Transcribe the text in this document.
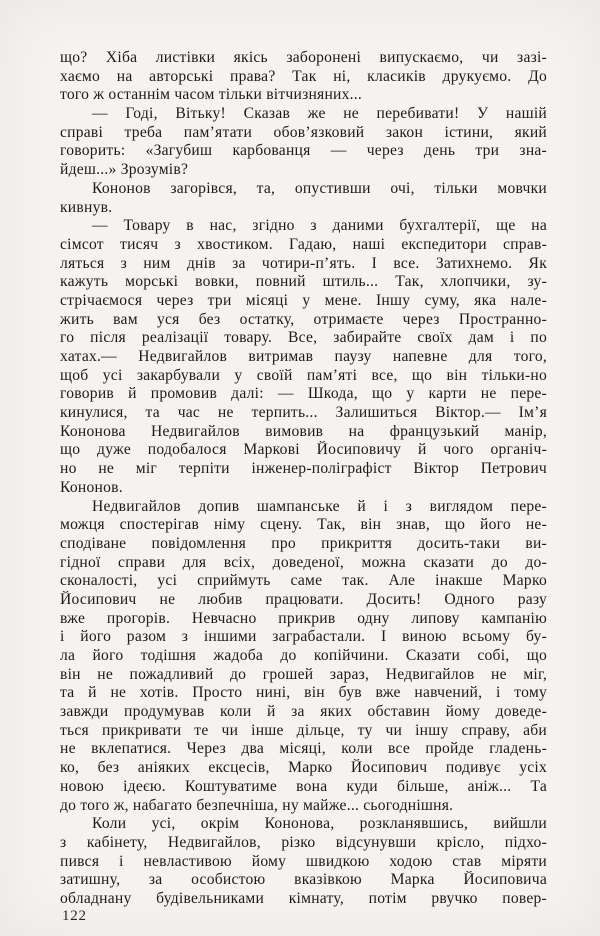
що? Хіба листівки якісь заборонені випускаємо, чи зазі-
хаємо на авторські права? Так ні, класиків друкуємо. До
того ж останнім часом тільки вітчизняних...
— Годі, Вітьку! Сказав же не перебивати! У нашій
справі треба пам’ятати обов’язковий закон істини, який
говорить: «Загубиш карбованця — через день три зна-
йдеш...» Зрозумів?
Кононов загорівся, та, опустивши очі, тільки мовчки
кивнув.
— Товару в нас, згідно з даними бухгалтерії, ще на
сімсот тисяч з хвостиком. Гадаю, наші експедитори справ-
ляться з ним днів за чотири-п’ять. І все. Затихнемо. Як
кажуть морські вовки, повний штиль... Так, хлопчики, зу-
стрічаємося через три місяці у мене. Іншу суму, яка нале-
жить вам уся без остатку, отримаєте через Пространно-
го після реалізації товару. Все, забирайте своїх дам і по
хатах.— Недвигайлов витримав паузу напевне для того,
щоб усі закарбували у своїй пам’яті все, що він тільки-но
говорив й промовив далі: — Шкода, що у карти не пере-
кинулися, та час не терпить... Залишиться Віктор.— Ім’я
Кононова Недвигайлов вимовив на французький манір,
що дуже подобалося Маркові Йосиповичу й чого органіч-
но не міг терпіти інженер-поліграфіст Віктор Петрович
Кононов.
Недвигайлов допив шампанське й і з виглядом пере-
можця спостерігав німу сцену. Так, він знав, що його не-
сподіване повідомлення про прикриття досить-таки ви-
гідної справи для всіх, доведеної, можна сказати до до-
сконалості, усі сприймуть саме так. Але інакше Марко
Йосипович не любив працювати. Досить! Одного разу
вже прогорів. Невчасно прикрив одну липову кампанію
і його разом з іншими заграбастали. І виною всьому бу-
ла його тодішня жадоба до копійчини. Сказати собі, що
він не пожадливий до грошей зараз, Недвигайлов не міг,
та й не хотів. Просто нині, він був вже навчений, і тому
завжди продумував коли й за яких обставин йому доведе-
ться прикривати те чи інше дільце, ту чи іншу справу, аби
не вклепатися. Через два місяці, коли все пройде гладень-
ко, без аніяких ексцесів, Марко Йосипович подивує усіх
новою ідеєю. Коштуватиме вона куди більше, аніж... Та
до того ж, набагато безпечніша, ну майже... сьогоднішня.
Коли усі, окрім Кононова, розкланявшись, вийшли
з кабінету, Недвигайлов, різко відсунувши крісло, підхо-
пився і невластивою йому швидкою ходою став міряти
затишну, за особистою вказівкою Марка Йосиповича
обладнану будівельниками кімнату, потім рвучко повер-
122
